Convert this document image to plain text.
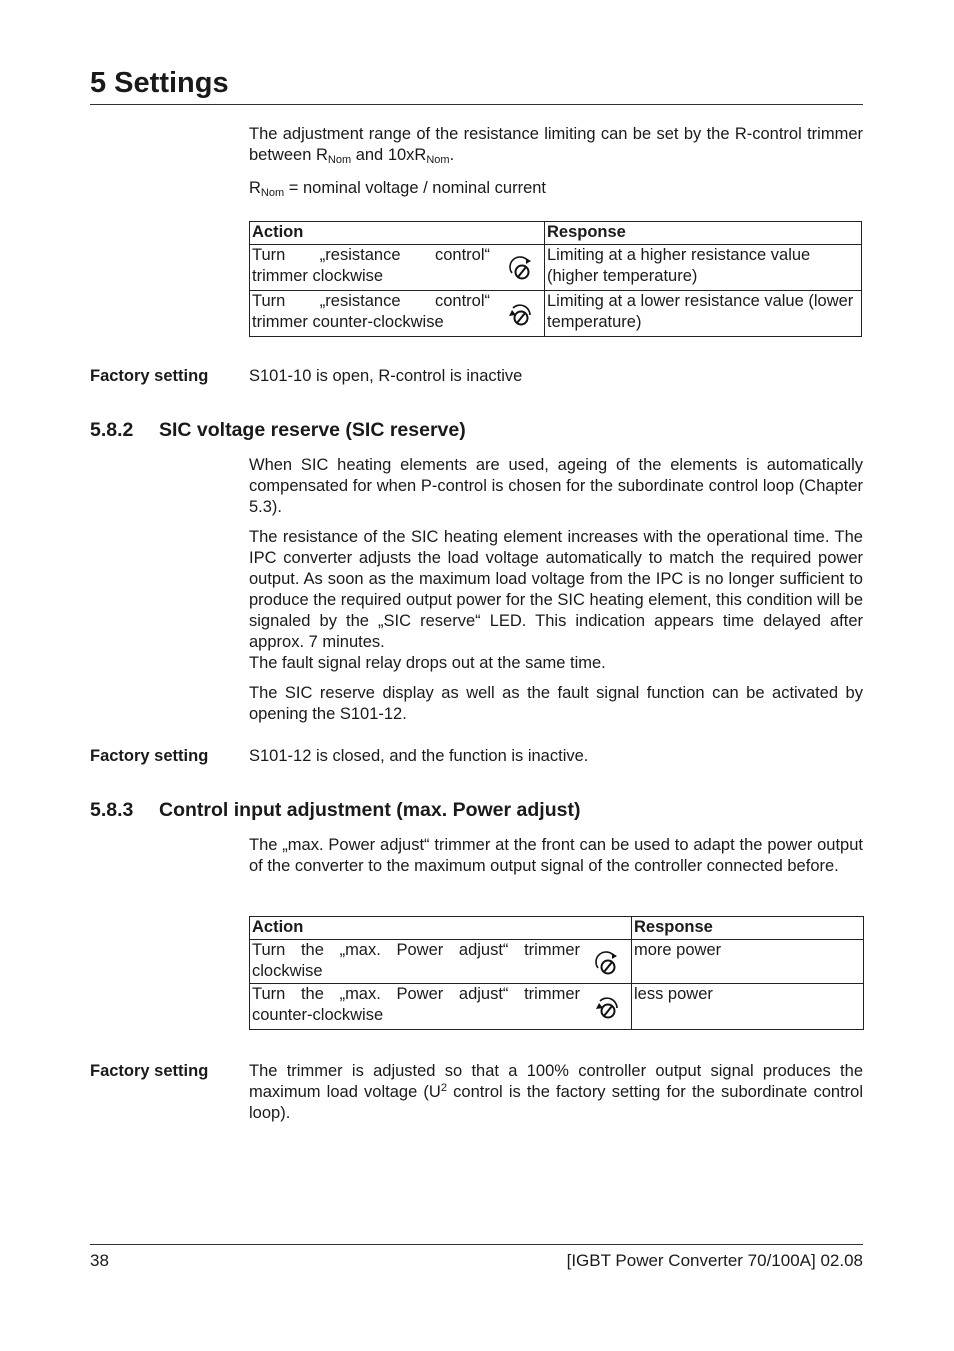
5 Settings

The adjustment range of the resistance limiting can be set by the R-control trimmer between $R_{Nom}$ and $10xR_{Nom}$.

$R_{Nom}$ = nominal voltage / nominal current

Action	Response

Turn „resistance control“ trimmer clockwise	Limiting at a higher resistance value (higher temperature)

Turn „resistance control“ trimmer counter-clockwise	Limiting at a lower resistance value (lower temperature)
Factory setting S101-10 is open, R-control is inactive
5.8.2 SIC voltage reserve (SIC reserve)

When SIC heating elements are used, ageing of the elements is automatically compensated for when P-control is chosen for the subordinate control loop (Chapter 5.3).

The resistance of the SIC heating element increases with the operational time. The IPC converter adjusts the load voltage automatically to match the required power output. As soon as the maximum load voltage from the IPC is no longer sufficient to produce the required output power for the SIC heating element, this condition will be signaled by the „SIC reserve“ LED. This indication appears time delayed after approx. 7 minutes.

The fault signal relay drops out at the same time.

The SIC reserve display as well as the fault signal function can be activated by opening the S101-12.

Factory setting S101-12 is closed, and the function is inactive.
5.8.3 Control input adjustment (max. Power adjust)

The „max. Power adjust“ trimmer at the front can be used to adapt the power output of the converter to the maximum output signal of the controller connected before.

Action	Response

Turn the „max. Power adjust“ trimmer clockwise	more power

Turn the „max. Power adjust“ trimmer counter-clockwise	less power
Factory setting The trimmer is adjusted so that a 100% controller output signal produces the maximum load voltage ($U^2$ control is the factory setting for the subordinate control loop).
38	[IGBT Power Converter 70/100A] 02.08
